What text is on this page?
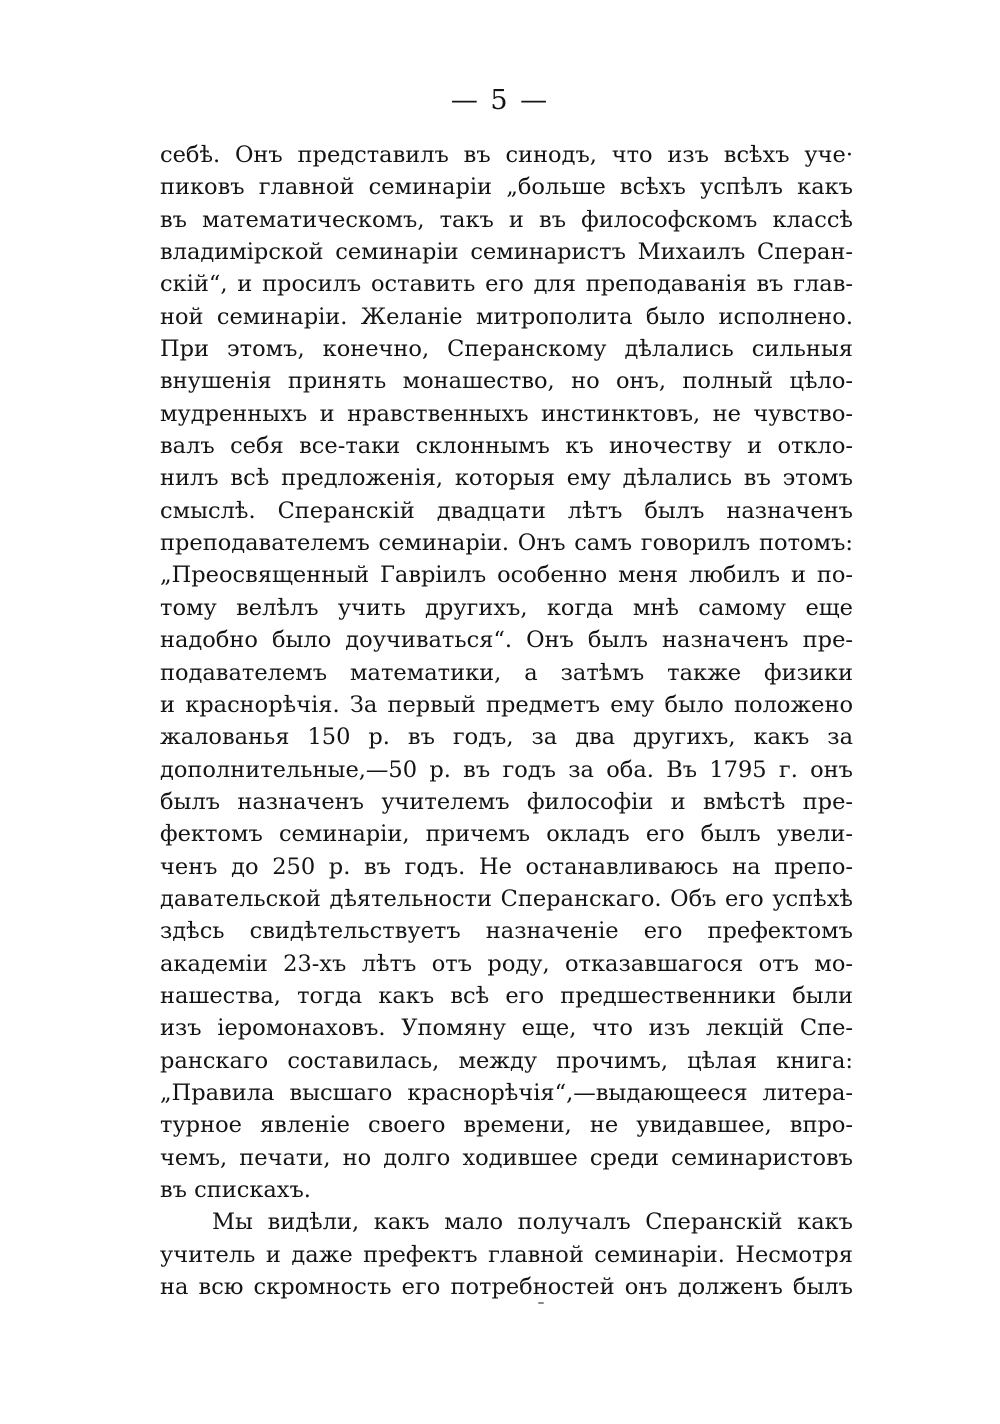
— 5 —
себѣ. Онъ представилъ въ синодъ, что изъ всѣхъ уче·
пиковъ главной семинаріи „больше всѣхъ успѣлъ какъ
въ математическомъ, такъ и въ философскомъ классѣ
владимірской семинаріи семинаристъ Михаилъ Сперан-
скій“, и просилъ оставить его для преподаванія въ глав-
ной семинаріи. Желаніе митрополита было исполнено.
При этомъ, конечно, Сперанскому дѣлались сильныя
внушенія принять монашество, но онъ, полный цѣло-
мудренныхъ и нравственныхъ инстинктовъ, не чувство-
валъ себя все-таки склоннымъ къ иночеству и откло-
нилъ всѣ предложенія, которыя ему дѣлались въ этомъ
смыслѣ. Сперанскій двадцати лѣтъ былъ назначенъ
преподавателемъ семинаріи. Онъ самъ говорилъ потомъ:
„Преосвященный Гавріилъ особенно меня любилъ и по-
тому велѣлъ учить другихъ, когда мнѣ самому еще
надобно было доучиваться“. Онъ былъ назначенъ пре-
подавателемъ математики, а затѣмъ также физики
и краснорѣчія. За первый предметъ ему было положено
жалованья 150 р. въ годъ, за два другихъ, какъ за
дополнительные,—50 р. въ годъ за оба. Въ 1795 г. онъ
былъ назначенъ учителемъ философіи и вмѣстѣ пре-
фектомъ семинаріи, причемъ окладъ его былъ увели-
ченъ до 250 р. въ годъ. Не останавливаюсь на препо-
давательской дѣятельности Сперанскаго. Объ его успѣхѣ
здѣсь свидѣтельствуетъ назначеніе его префектомъ
академіи 23-хъ лѣтъ отъ роду, отказавшагося отъ мо-
нашества, тогда какъ всѣ его предшественники были
изъ іеромонаховъ. Упомяну еще, что изъ лекцій Спе-
ранскаго составилась, между прочимъ, цѣлая книга:
„Правила высшаго краснорѣчія“,—выдающееся литера-
турное явленіе своего времени, не увидавшее, впро-
чемъ, печати, но долго ходившее среди семинаристовъ
въ спискахъ.
Мы видѣли, какъ мало получалъ Сперанскій какъ
учитель и даже префектъ главной семинаріи. Несмотря
на всю скромность его потребностей онъ долженъ былъ
